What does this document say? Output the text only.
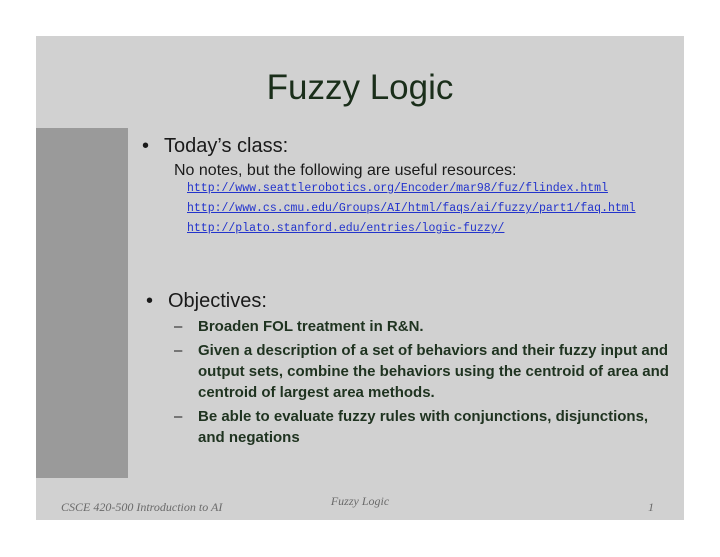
Fuzzy Logic
• Today’s class:
No notes, but the following are useful resources:
http://www.seattlerobotics.org/Encoder/mar98/fuz/flindex.html
http://www.cs.cmu.edu/Groups/AI/html/faqs/ai/fuzzy/part1/faq.html
http://plato.stanford.edu/entries/logic-fuzzy/
• Objectives:
– Broaden FOL treatment in R&N.
– Given a description of a set of behaviors and their fuzzy input and output sets, combine the behaviors using the centroid of area and centroid of largest area methods.
– Be able to evaluate fuzzy rules with conjunctions, disjunctions, and negations
CSCE 420-500 Introduction to AI	Fuzzy Logic	1
